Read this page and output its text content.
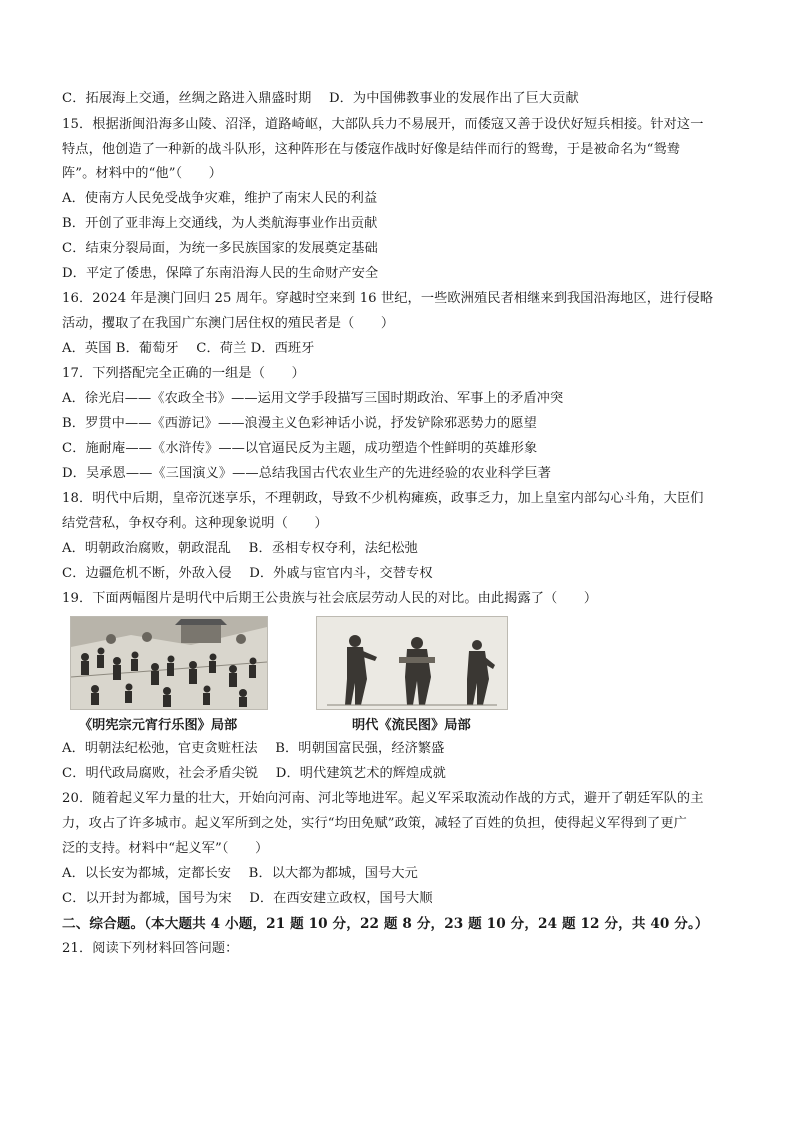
C．拓展海上交通，丝绸之路进入鼎盛时期　 D．为中国佛教事业的发展作出了巨大贡献
15．根据浙闽沿海多山陵、沼泽，道路崎岖，大部队兵力不易展开，而倭寇又善于设伏好短兵相接。针对这一
特点，他创造了一种新的战斗队形，这种阵形在与倭寇作战时好像是结伴而行的鸳鸯，于是被命名为“鸳鸯
阵”。材料中的“他”（　　）
A．使南方人民免受战争灾难，维护了南宋人民的利益
B．开创了亚非海上交通线，为人类航海事业作出贡献
C．结束分裂局面，为统一多民族国家的发展奠定基础
D．平定了倭患，保障了东南沿海人民的生命财产安全
16．2024 年是澳门回归 25 周年。穿越时空来到 16 世纪，一些欧洲殖民者相继来到我国沿海地区，进行侵略
活动，攫取了在我国广东澳门居住权的殖民者是（　　）
A．英国 B．葡萄牙　 C．荷兰 D．西班牙
17．下列搭配完全正确的一组是（　　）
A．徐光启——《农政全书》——运用文学手段描写三国时期政治、军事上的矛盾冲突
B．罗贯中——《西游记》——浪漫主义色彩神话小说，抒发铲除邪恶势力的愿望
C．施耐庵——《水浒传》——以官逼民反为主题，成功塑造个性鲜明的英雄形象
D．吴承恩——《三国演义》——总结我国古代农业生产的先进经验的农业科学巨著
18．明代中后期，皇帝沉迷享乐，不理朝政，导致不少机构瘫痪，政事乏力，加上皇室内部勾心斗角，大臣们
结党营私，争权夺利。这种现象说明（　　）
A．明朝政治腐败，朝政混乱　 B．丞相专权夺利，法纪松弛
C．边疆危机不断，外敌入侵　 D．外戚与宦官内斗，交替专权
19．下面两幅图片是明代中后期王公贵族与社会底层劳动人民的对比。由此揭露了（　　）
《明宪宗元宵行乐图》局部	明代《流民图》局部
A．明朝法纪松弛，官吏贪赃枉法　 B．明朝国富民强，经济繁盛
C．明代政局腐败，社会矛盾尖锐　 D．明代建筑艺术的辉煌成就
20．随着起义军力量的壮大，开始向河南、河北等地进军。起义军采取流动作战的方式，避开了朝廷军队的主
力，攻占了许多城市。起义军所到之处，实行“均田免赋”政策，减轻了百姓的负担，使得起义军得到了更广
泛的支持。材料中“起义军”（　　）
A．以长安为都城，定都长安　 B．以大都为都城，国号大元
C．以开封为都城，国号为宋　 D．在西安建立政权，国号大顺
二、综合题。（本大题共 4 小题，21 题 10 分，22 题 8 分，23 题 10 分，24 题 12 分，共 40 分。）
21．阅读下列材料回答问题：
